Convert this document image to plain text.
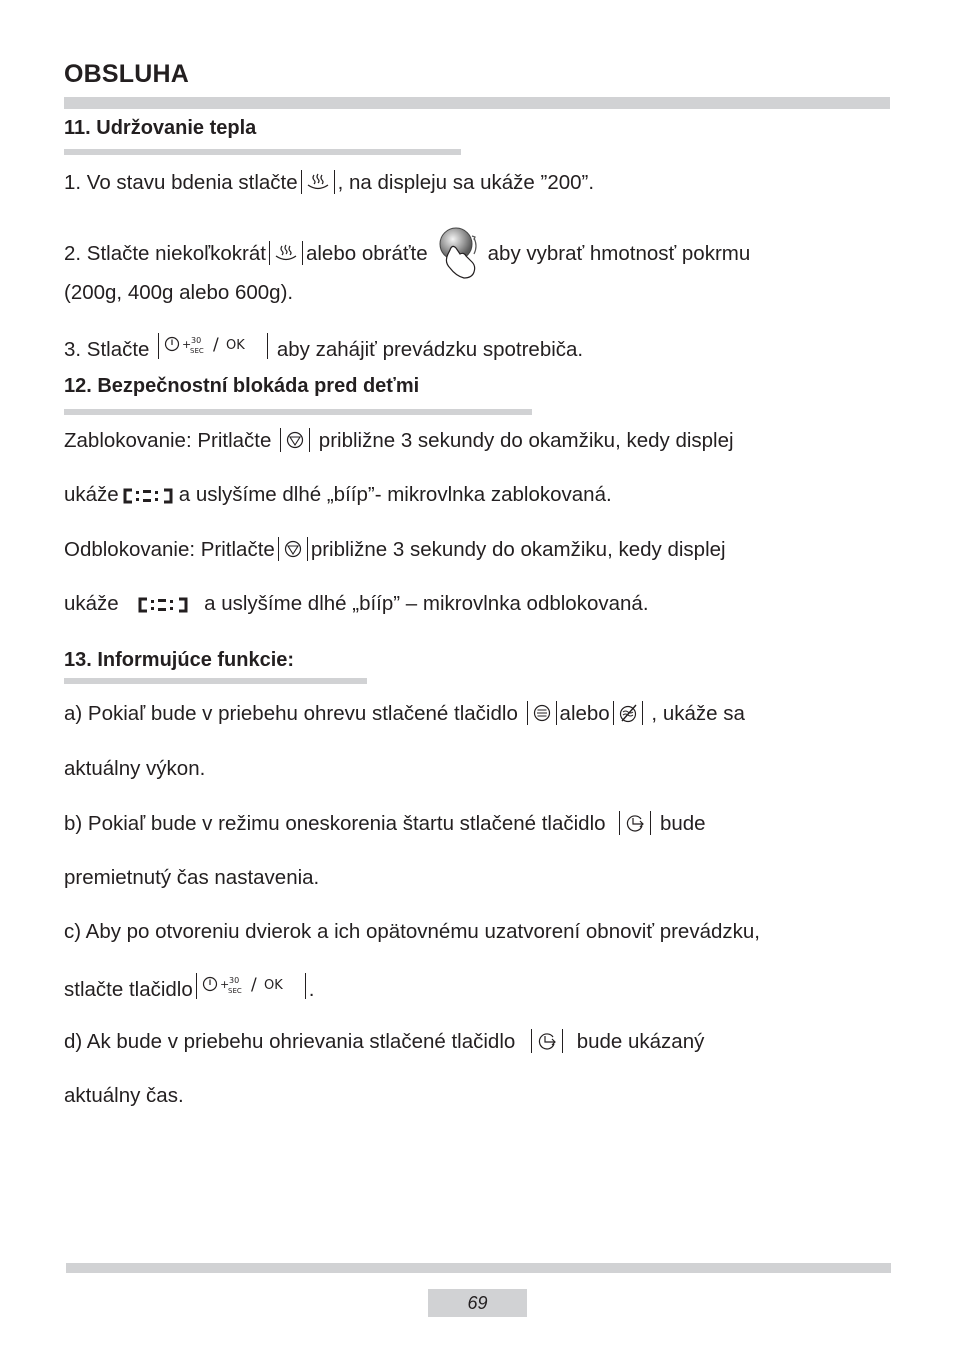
OBSLUHA
11. Udržovanie tepla
1. Vo stavu bdenia stlačte , na displeju sa ukáže ”200”.
2. Stlačte niekoľkokrát alebo obráťte	aby vybrať hmotnosť pokrmu
(200g, 400g alebo 600g).
3. Stlačte	+ 30
SEC / OK aby zahájiť prevádzku spotrebiča.
12. Bezpečnostní blokáda pred deťmi
Zablokovanie: Pritlačte približne 3 sekundy do okamžiku, kedy displej
ukáže	a uslyšíme dlhé „bííp”- mikrovlnka zablokovaná.
Odblokovanie: Pritlačte približne 3 sekundy do okamžiku, kedy displej
ukáže	a uslyšíme dlhé „bííp” – mikrovlnka odblokovaná.
13. Informujúce funkcie:
a) Pokiaľ bude v priebehu ohrevu stlačené tlačidlo alebo , ukáže sa
aktuálny výkon.
b) Pokiaľ bude v režimu oneskorenia štartu stlačené tlačidlo	bude
premietnutý čas nastavenia.
c) Aby po otvoreniu dvierok a ich opätovnému uzatvorení obnoviť prevádzku,
stlačte tlačidlo + 30
SEC / OK .
d) Ak bude v priebehu ohrievania stlačené tlačidlo	bude ukázaný
aktuálny čas.
69
